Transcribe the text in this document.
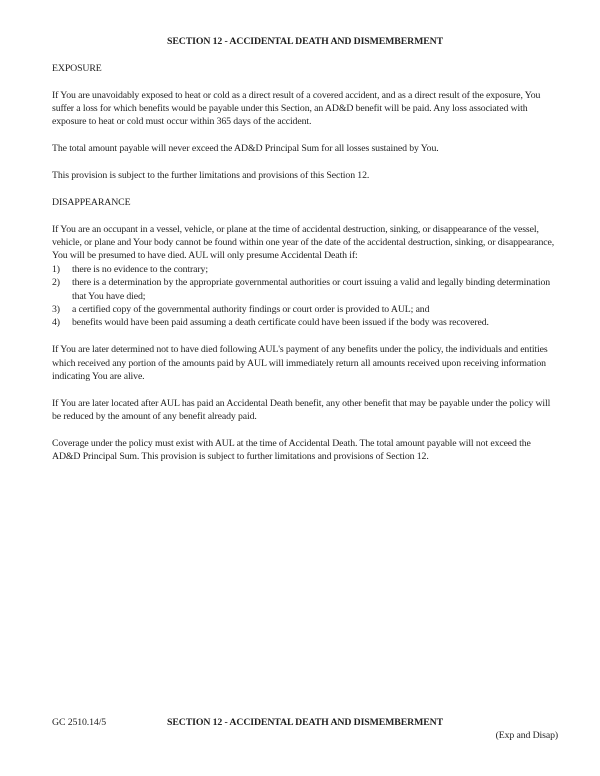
SECTION 12 - ACCIDENTAL DEATH AND DISMEMBERMENT
EXPOSURE

If You are unavoidably exposed to heat or cold as a direct result of a covered accident, and as a direct result of the exposure, You suffer a loss for which benefits would be payable under this Section, an AD&D benefit will be paid. Any loss associated with exposure to heat or cold must occur within 365 days of the accident.

The total amount payable will never exceed the AD&D Principal Sum for all losses sustained by You.

This provision is subject to the further limitations and provisions of this Section 12.

DISAPPEARANCE

If You are an occupant in a vessel, vehicle, or plane at the time of accidental destruction, sinking, or disappearance of the vessel, vehicle, or plane and Your body cannot be found within one year of the date of the accidental destruction, sinking, or disappearance, You will be presumed to have died. AUL will only presume Accidental Death if:

1)	there is no evidence to the contrary;
2)	there is a determination by the appropriate governmental authorities or court issuing a valid and legally binding determination that You have died;
3)	a certified copy of the governmental authority findings or court order is provided to AUL; and
4)	benefits would have been paid assuming a death certificate could have been issued if the body was recovered.

If You are later determined not to have died following AUL's payment of any benefits under the policy, the individuals and entities which received any portion of the amounts paid by AUL will immediately return all amounts received upon receiving information indicating You are alive.

If You are later located after AUL has paid an Accidental Death benefit, any other benefit that may be payable under the policy will be reduced by the amount of any benefit already paid.

Coverage under the policy must exist with AUL at the time of Accidental Death. The total amount payable will not exceed the AD&D Principal Sum. This provision is subject to further limitations and provisions of Section 12.

GC 2510.14/5	SECTION 12 - ACCIDENTAL DEATH AND DISMEMBERMENT
(Exp and Disap)
